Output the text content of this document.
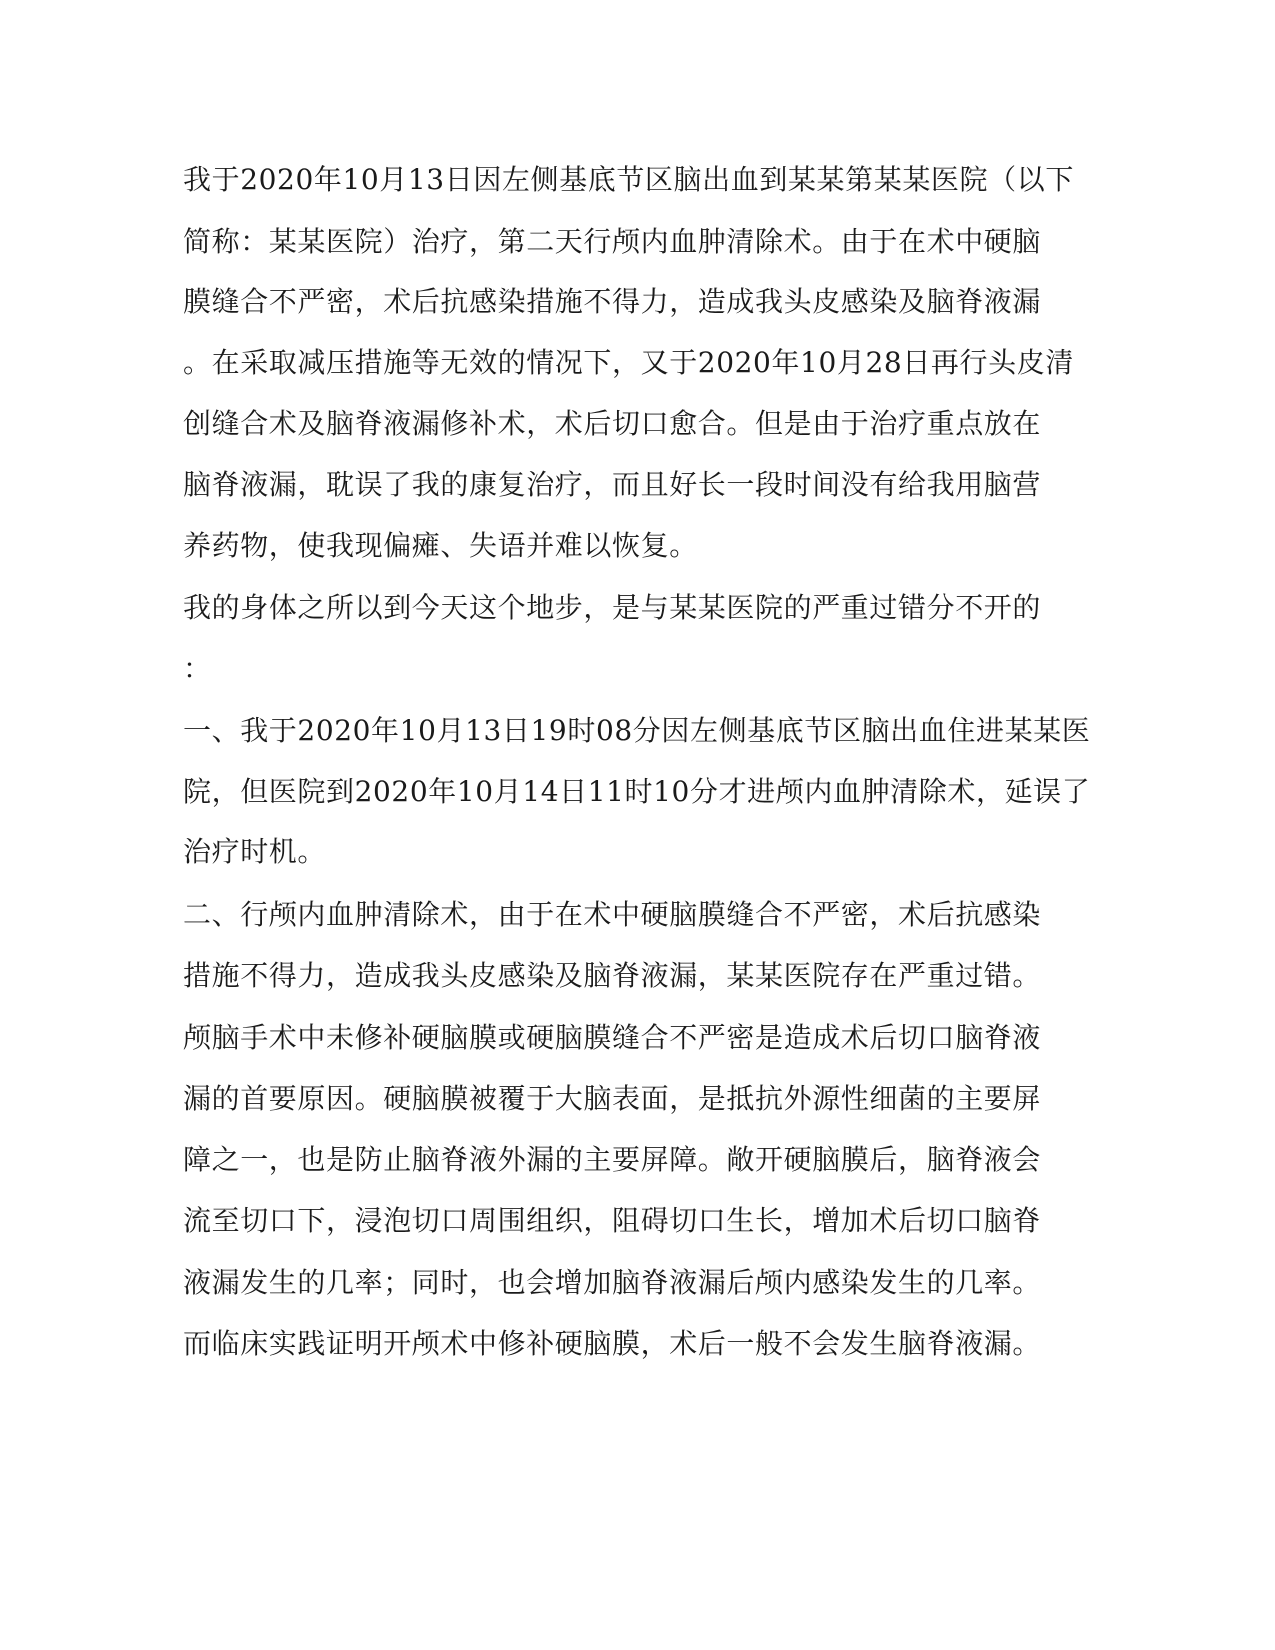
我于2020年10月13日因左侧基底节区脑出血到某某第某某医院（以下
简称：某某医院）治疗，第二天行颅内血肿清除术。由于在术中硬脑
膜缝合不严密，术后抗感染措施不得力，造成我头皮感染及脑脊液漏
。在采取减压措施等无效的情况下，又于2020年10月28日再行头皮清
创缝合术及脑脊液漏修补术，术后切口愈合。但是由于治疗重点放在
脑脊液漏，耽误了我的康复治疗，而且好长一段时间没有给我用脑营
养药物，使我现偏瘫、失语并难以恢复。
我的身体之所以到今天这个地步，是与某某医院的严重过错分不开的
：
一、我于2020年10月13日19时08分因左侧基底节区脑出血住进某某医
院，但医院到2020年10月14日11时10分才进颅内血肿清除术，延误了
治疗时机。
二、行颅内血肿清除术，由于在术中硬脑膜缝合不严密，术后抗感染
措施不得力，造成我头皮感染及脑脊液漏，某某医院存在严重过错。
颅脑手术中未修补硬脑膜或硬脑膜缝合不严密是造成术后切口脑脊液
漏的首要原因。硬脑膜被覆于大脑表面，是抵抗外源性细菌的主要屏
障之一，也是防止脑脊液外漏的主要屏障。敞开硬脑膜后，脑脊液会
流至切口下，浸泡切口周围组织，阻碍切口生长，增加术后切口脑脊
液漏发生的几率；同时，也会增加脑脊液漏后颅内感染发生的几率。
而临床实践证明开颅术中修补硬脑膜，术后一般不会发生脑脊液漏。
